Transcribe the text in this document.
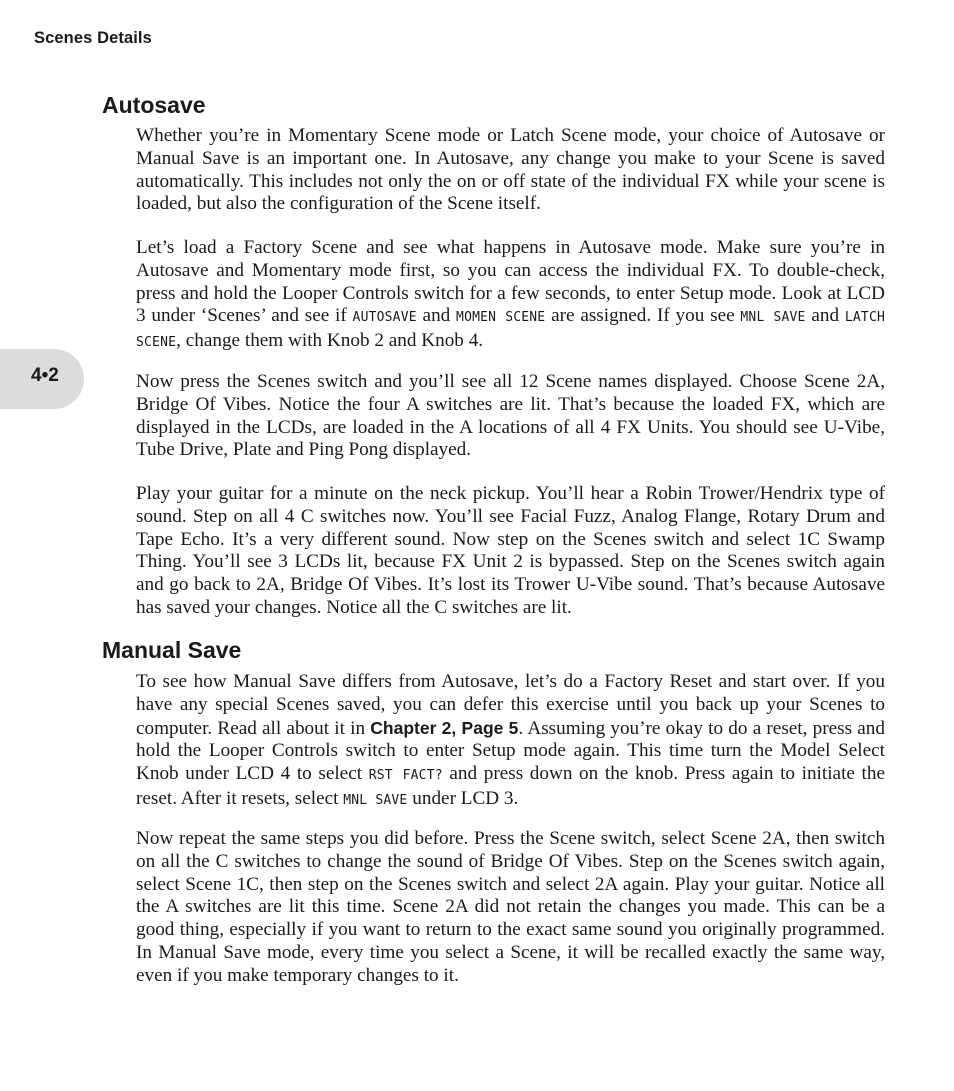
Scenes Details
4•2
Autosave

Whether you’re in Momentary Scene mode or Latch Scene mode, your choice of Autosave or Manual Save is an important one. In Autosave, any change you make to your Scene is saved automatically. This includes not only the on or off state of the individual FX while your scene is loaded, but also the configuration of the Scene itself.

Let’s load a Factory Scene and see what happens in Autosave mode. Make sure you’re in Autosave and Momentary mode first, so you can access the individual FX. To double-check, press and hold the Looper Controls switch for a few seconds, to enter Setup mode. Look at LCD 3 under ‘Scenes’ and see if AUTOSAVE and MOMEN SCENE are assigned. If you see MNL SAVE and LATCH SCENE, change them with Knob 2 and Knob 4.

Now press the Scenes switch and you’ll see all 12 Scene names displayed. Choose Scene 2A, Bridge Of Vibes. Notice the four A switches are lit. That’s because the loaded FX, which are displayed in the LCDs, are loaded in the A locations of all 4 FX Units. You should see U-Vibe, Tube Drive, Plate and Ping Pong displayed.

Play your guitar for a minute on the neck pickup. You’ll hear a Robin Trower/Hendrix type of sound. Step on all 4 C switches now. You’ll see Facial Fuzz, Analog Flange, Rotary Drum and Tape Echo. It’s a very different sound. Now step on the Scenes switch and select 1C Swamp Thing. You’ll see 3 LCDs lit, because FX Unit 2 is bypassed. Step on the Scenes switch again and go back to 2A, Bridge Of Vibes. It’s lost its Trower U-Vibe sound. That’s because Autosave has saved your changes. Notice all the C switches are lit.

Manual Save

To see how Manual Save differs from Autosave, let’s do a Factory Reset and start over. If you have any special Scenes saved, you can defer this exercise until you back up your Scenes to computer. Read all about it in Chapter 2, Page 5. Assuming you’re okay to do a reset, press and hold the Looper Controls switch to enter Setup mode again. This time turn the Model Select Knob under LCD 4 to select RST FACT? and press down on the knob. Press again to initiate the reset. After it resets, select MNL SAVE under LCD 3.

Now repeat the same steps you did before. Press the Scene switch, select Scene 2A, then switch on all the C switches to change the sound of Bridge Of Vibes. Step on the Scenes switch again, select Scene 1C, then step on the Scenes switch and select 2A again. Play your guitar. Notice all the A switches are lit this time. Scene 2A did not retain the changes you made. This can be a good thing, especially if you want to return to the exact same sound you originally programmed. In Manual Save mode, every time you select a Scene, it will be recalled exactly the same way, even if you make temporary changes to it.
